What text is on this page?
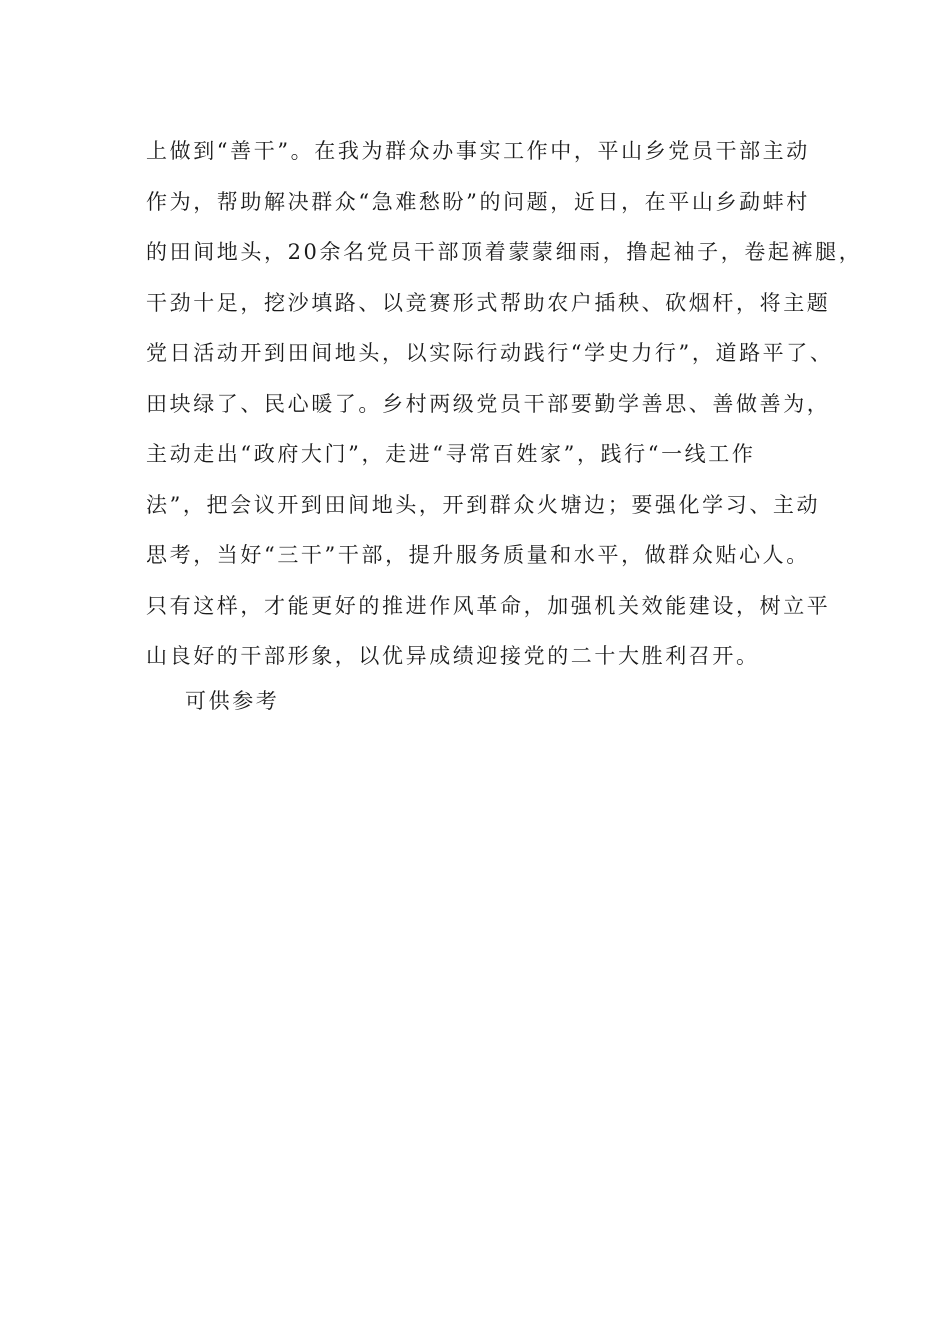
上做到“善干”。在我为群众办事实工作中，平山乡党员干部主动
作为，帮助解决群众“急难愁盼”的问题，近日，在平山乡勐蚌村
的田间地头，20余名党员干部顶着蒙蒙细雨，撸起袖子，卷起裤腿，
干劲十足，挖沙填路、以竞赛形式帮助农户插秧、砍烟杆，将主题
党日活动开到田间地头，以实际行动践行“学史力行”，道路平了、
田块绿了、民心暖了。乡村两级党员干部要勤学善思、善做善为，
主动走出“政府大门”，走进“寻常百姓家”，践行“一线工作
法”，把会议开到田间地头，开到群众火塘边；要强化学习、主动
思考，当好“三干”干部，提升服务质量和水平，做群众贴心人。
只有这样，才能更好的推进作风革命，加强机关效能建设，树立平
山良好的干部形象，以优异成绩迎接党的二十大胜利召开。

可供参考
